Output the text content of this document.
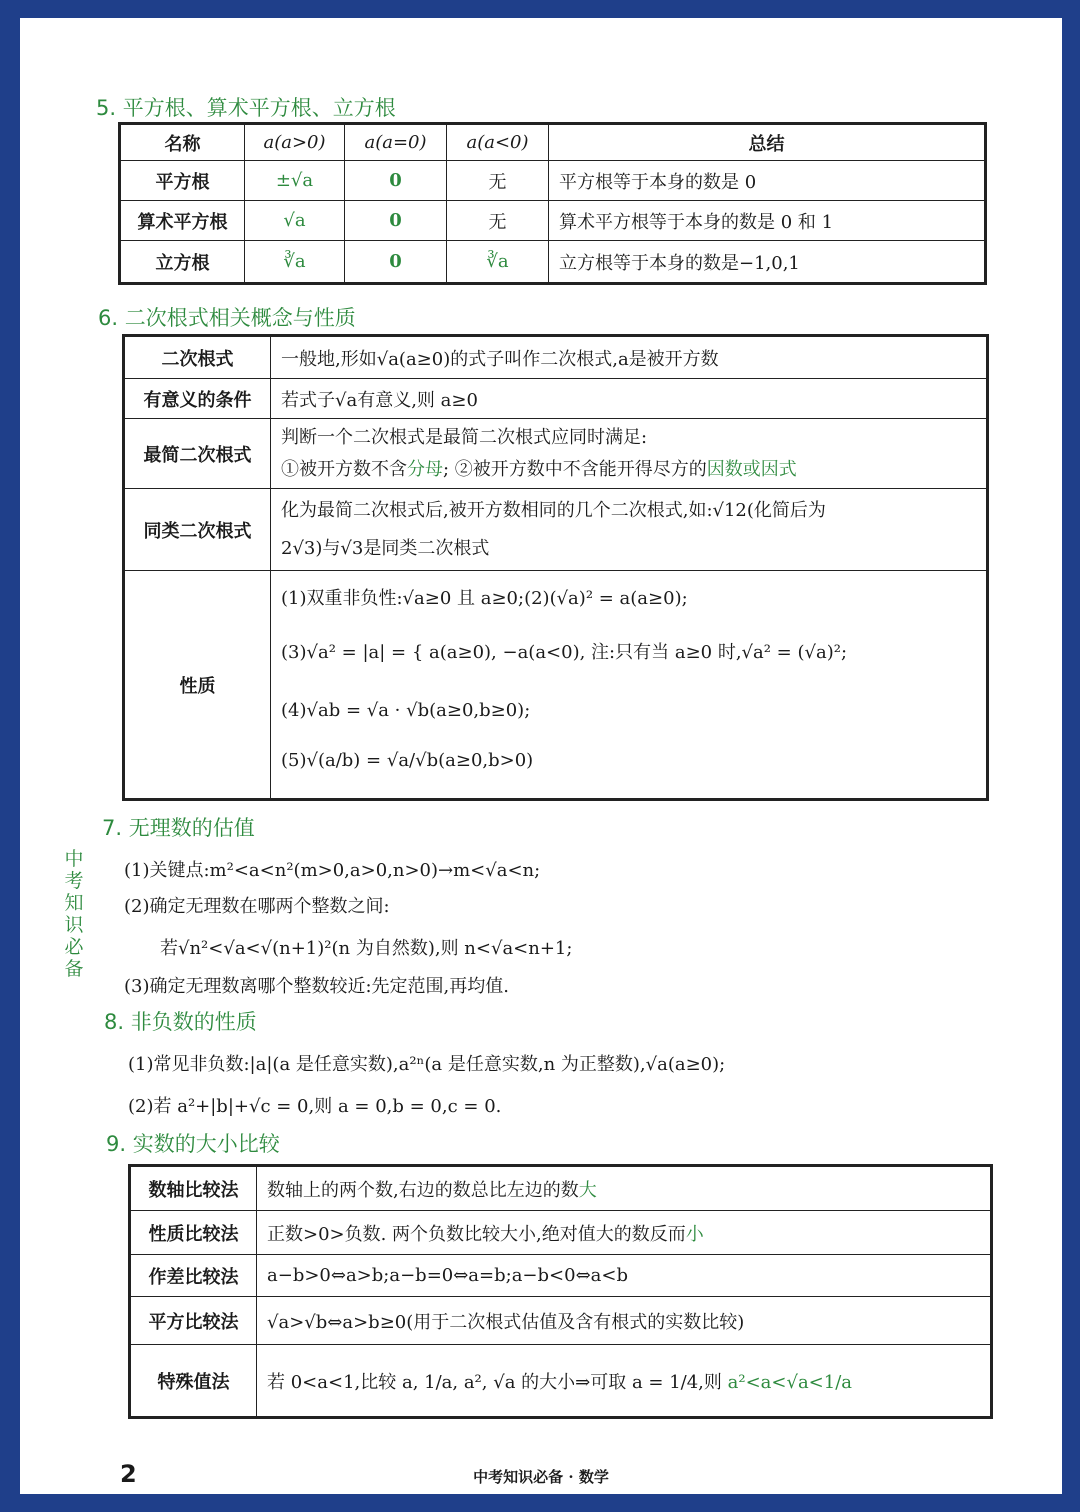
5. 平方根、算术平方根、立方根
名称	a(a>0)	a(a=0)	a(a<0)	总结
平方根	±√a	0	无	平方根等于本身的数是 0
算术平方根	√a	0	无	算术平方根等于本身的数是 0 和 1
立方根	∛a	0	∛a	立方根等于本身的数是−1,0,1
6. 二次根式相关概念与性质
二次根式	一般地,形如√a(a≥0)的式子叫作二次根式,a是被开方数
有意义的条件	若式子√a有意义,则 a≥0
最简二次根式	判断一个二次根式是最简二次根式应同时满足:
①被开方数不含分母; ②被开方数中不含能开得尽方的因数或因式

同类二次根式	化为最简二次根式后,被开方数相同的几个二次根式,如:√12(化简后为
2√3)与√3是同类二次根式

性质	(1)双重非负性:√a≥0 且 a≥0;(2)(√a)² = a(a≥0);
(3)√a² = |a| = { a(a≥0), −a(a<0), 注:只有当 a≥0 时,√a² = (√a)²;
(4)√ab = √a · √b(a≥0,b≥0);
(5)√(a/b) = √a/√b(a≥0,b>0)
中考知识必备
7. 无理数的估值
(1)关键点:m²<a<n²(m>0,a>0,n>0)→m<√a<n;
(2)确定无理数在哪两个整数之间:
若√n²<√a<√(n+1)²(n 为自然数),则 n<√a<n+1;
(3)确定无理数离哪个整数较近:先定范围,再均值.
8. 非负数的性质
(1)常见非负数:|a|(a 是任意实数),a²ⁿ(a 是任意实数,n 为正整数),√a(a≥0);
(2)若 a²+|b|+√c = 0,则 a = 0,b = 0,c = 0.
9. 实数的大小比较
数轴比较法	数轴上的两个数,右边的数总比左边的数大
性质比较法	正数>0>负数. 两个负数比较大小,绝对值大的数反而小
作差比较法	a−b>0⇔a>b;a−b=0⇔a=b;a−b<0⇔a<b
平方比较法	√a>√b⇔a>b≥0(用于二次根式估值及含有根式的实数比较)
特殊值法	若 0<a<1,比较 a, 1/a, a², √a 的大小⇒可取 a = 1/4,则 a²<a<√a<1/a
2	中考知识必备 · 数学
